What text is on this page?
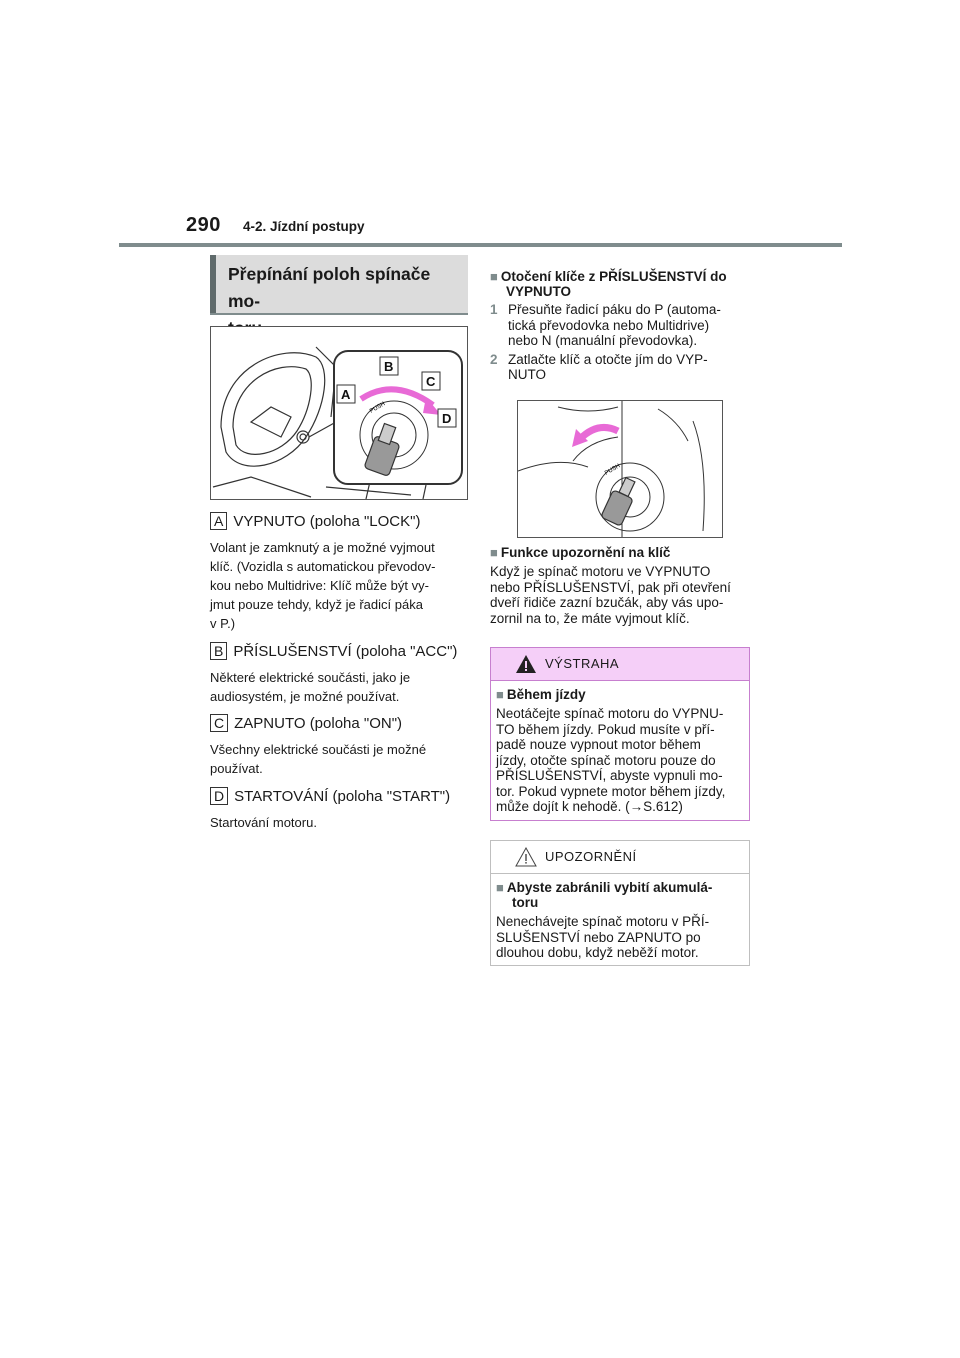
290 4-2. Jízdní postupy
Přepínání poloh spínače mo-

PUSH
A
B
C
D
A VYPNUTO (poloha "LOCK")
Volant je zamknutý a je možné vyjmout
klíč. (Vozidla s automatickou převodov-
kou nebo Multidrive: Klíč může být vy-
jmut pouze tehdy, když je řadicí páka
v P.)
B PŘÍSLUŠENSTVÍ (poloha "ACC")
Některé elektrické součásti, jako je
audiosystém, je možné používat.
C ZAPNUTO (poloha "ON")
Všechny elektrické součásti je možné
používat.
D STARTOVÁNÍ (poloha "START")
Startování motoru.
■ Otočení klíče z PŘÍSLUŠENSTVÍ do
VYPNUTO
1 Přesuňte řadicí páku do P (automa-
tická převodovka nebo Multidrive)
nebo N (manuální převodovka).
2 Zatlačte klíč a otočte jím do VYP-
NUTO
PUSH
■ Funkce upozornění na klíč
Když je spínač motoru ve VYPNUTO
nebo PŘÍSLUŠENSTVÍ, pak při otevření
dveří řidiče zazní bzučák, aby vás upo-
zornil na to, že máte vyjmout klíč.
VÝSTRAHA
■ Během jízdy
Neotáčejte spínač motoru do VYPNU-
TO během jízdy. Pokud musíte v pří-
padě nouze vypnout motor během
jízdy, otočte spínač motoru pouze do
PŘÍSLUŠENSTVÍ, abyste vypnuli mo-
tor. Pokud vypnete motor během jízdy,
může dojít k nehodě. (→S.612)
UPOZORNĚNÍ
■ Abyste zabránili vybití akumulá-
toru
Nenechávejte spínač motoru v PŘÍ-
SLUŠENSTVÍ nebo ZAPNUTO po
dlouhou dobu, když neběží motor.
